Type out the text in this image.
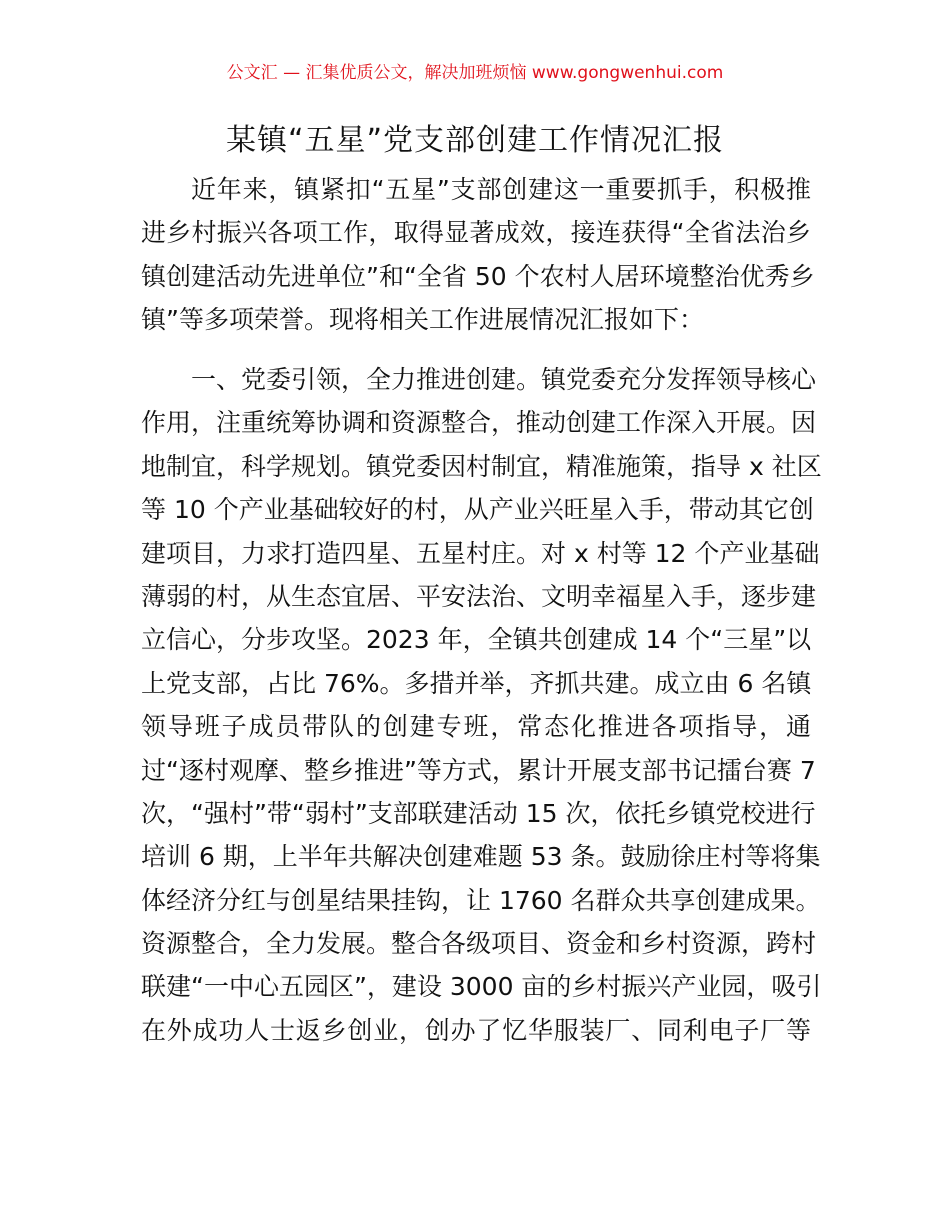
公文汇 — 汇集优质公文，解决加班烦恼 www.gongwenhui.com
某镇“五星”党支部创建工作情况汇报
近年来，镇紧扣“五星”支部创建这一重要抓手，积极推
进乡村振兴各项工作，取得显著成效，接连获得“全省法治乡
镇创建活动先进单位”和“全省 50 个农村人居环境整治优秀乡
镇”等多项荣誉。现将相关工作进展情况汇报如下：
一、党委引领，全力推进创建。镇党委充分发挥领导核心
作用，注重统筹协调和资源整合，推动创建工作深入开展。因
地制宜，科学规划。镇党委因村制宜，精准施策，指导 x 社区
等 10 个产业基础较好的村，从产业兴旺星入手，带动其它创
建项目，力求打造四星、五星村庄。对 x 村等 12 个产业基础
薄弱的村，从生态宜居、平安法治、文明幸福星入手，逐步建
立信心，分步攻坚。2023 年，全镇共创建成 14 个“三星”以
上党支部，占比 76%。多措并举，齐抓共建。成立由 6 名镇
领导班子成员带队的创建专班，常态化推进各项指导，通
过“逐村观摩、整乡推进”等方式，累计开展支部书记擂台赛 7
次，“强村”带“弱村”支部联建活动 15 次，依托乡镇党校进行
培训 6 期，上半年共解决创建难题 53 条。鼓励徐庄村等将集
体经济分红与创星结果挂钩，让 1760 名群众共享创建成果。
资源整合，全力发展。整合各级项目、资金和乡村资源，跨村
联建“一中心五园区”，建设 3000 亩的乡村振兴产业园，吸引
在外成功人士返乡创业，创办了忆华服装厂、同利电子厂等
